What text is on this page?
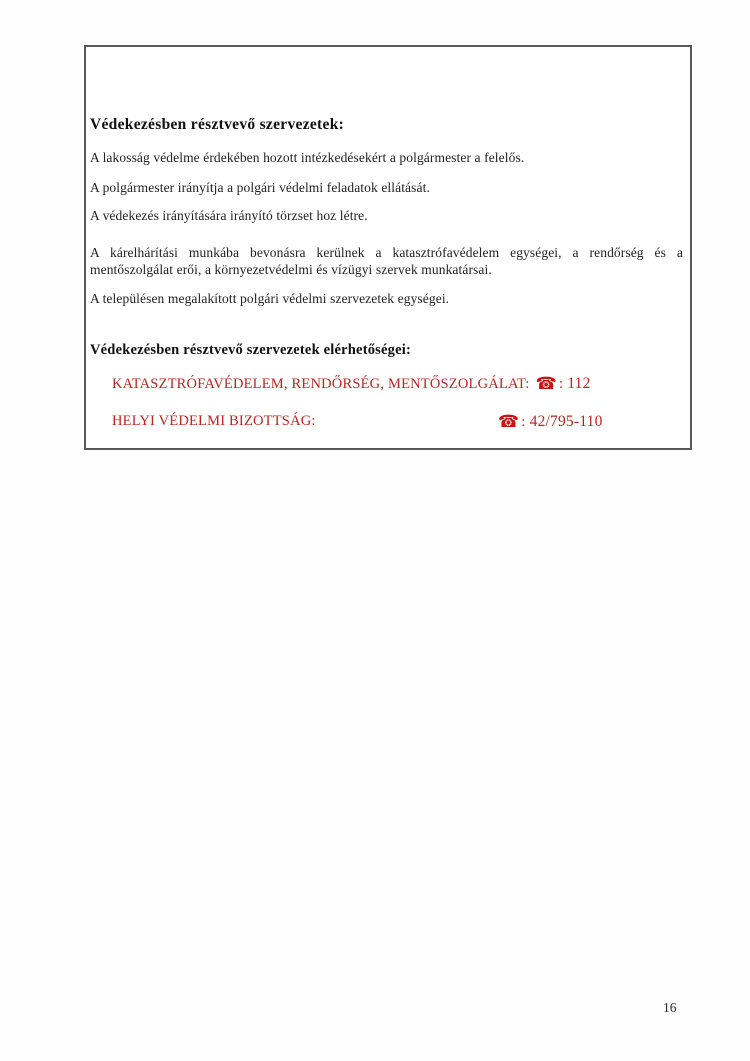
Védekezésben résztvevő szervezetek:
A lakosság védelme érdekében hozott intézkedésekért a polgármester a felelős.
A polgármester irányítja a polgári védelmi feladatok ellátását.
A védekezés irányítására irányító törzset hoz létre.
A kárelhárítási munkába bevonásra kerülnek a katasztrófavédelem egységei, a rendőrség és a
mentőszolgálat erői, a környezetvédelmi és vízügyi szervek munkatársai.
A településen megalakított polgári védelmi szervezetek egységei.
Védekezésben résztvevő szervezetek elérhetőségei:
KATASZTRÓFAVÉDELEM, RENDŐRSÉG, MENTŐSZOLGÁLAT: ☎ : 112
HELYI VÉDELMI BIZOTTSÁG:	☎ : 42/795-110
16
